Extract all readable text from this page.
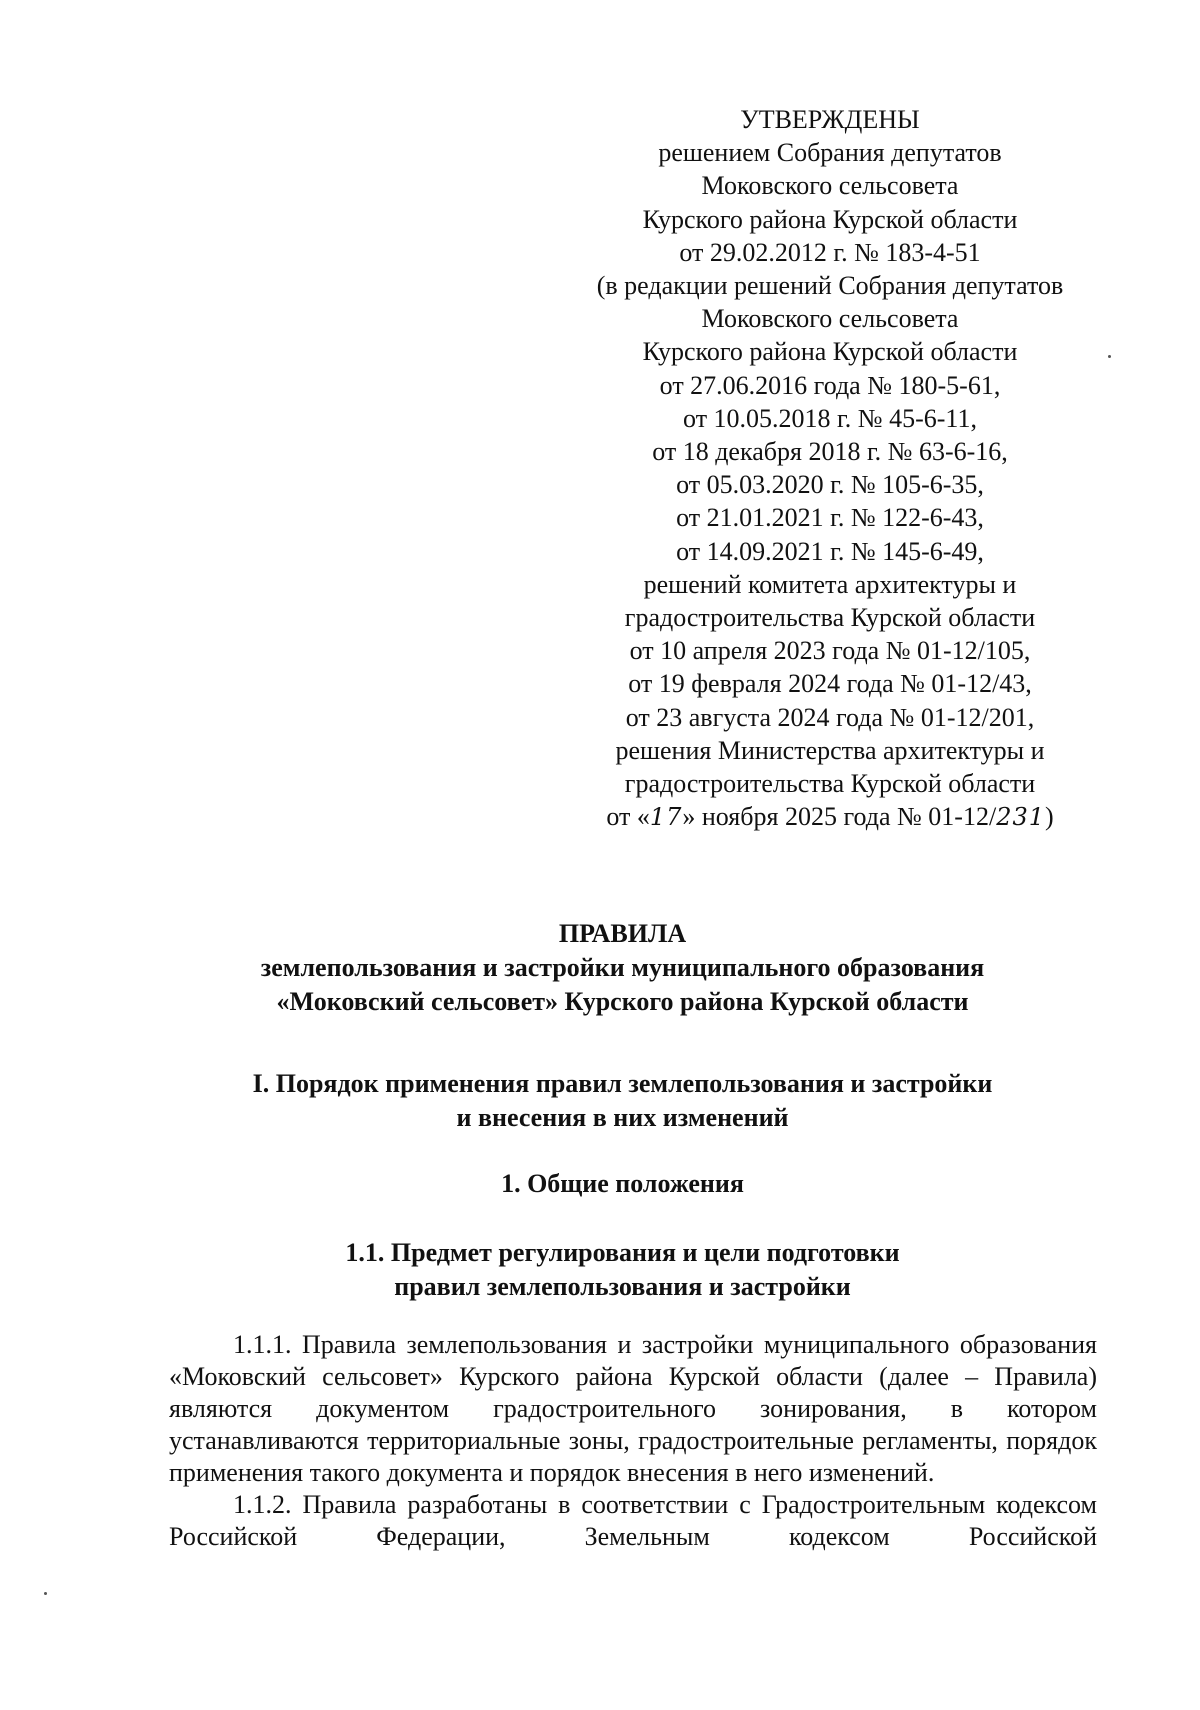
УТВЕРЖДЕНЫ
решением Собрания депутатов
Моковского сельсовета
Курского района Курской области
от 29.02.2012 г. № 183-4-51
(в редакции решений Собрания депутатов
Моковского сельсовета
Курского района Курской области
от 27.06.2016 года № 180-5-61,
от 10.05.2018 г. № 45-6-11,
от 18 декабря 2018 г. № 63-6-16,
от 05.03.2020 г. № 105-6-35,
от 21.01.2021 г. № 122-6-43,
от 14.09.2021 г. № 145-6-49,
решений комитета архитектуры и
градостроительства Курской области
от 10 апреля 2023 года № 01-12/105,
от 19 февраля 2024 года № 01-12/43,
от 23 августа 2024 года № 01-12/201,
решения Министерства архитектуры и
градостроительства Курской области
от «17» ноября 2025 года № 01-12/231)
ПРАВИЛА
землепользования и застройки муниципального образования
«Моковский сельсовет» Курского района Курской области
I. Порядок применения правил землепользования и застройки
и внесения в них изменений
1. Общие положения
1.1. Предмет регулирования и цели подготовки
правил землепользования и застройки

1.1.1. Правила землепользования и застройки муниципального образования «Моковский сельсовет» Курского района Курской области (далее – Правила) являются документом градостроительного зонирования, в котором устанавливаются территориальные зоны, градостроительные регламенты, порядок применения такого документа и порядок внесения в него изменений.

1.1.2. Правила разработаны в соответствии с Градостроительным кодексом Российской Федерации, Земельным кодексом Российской
